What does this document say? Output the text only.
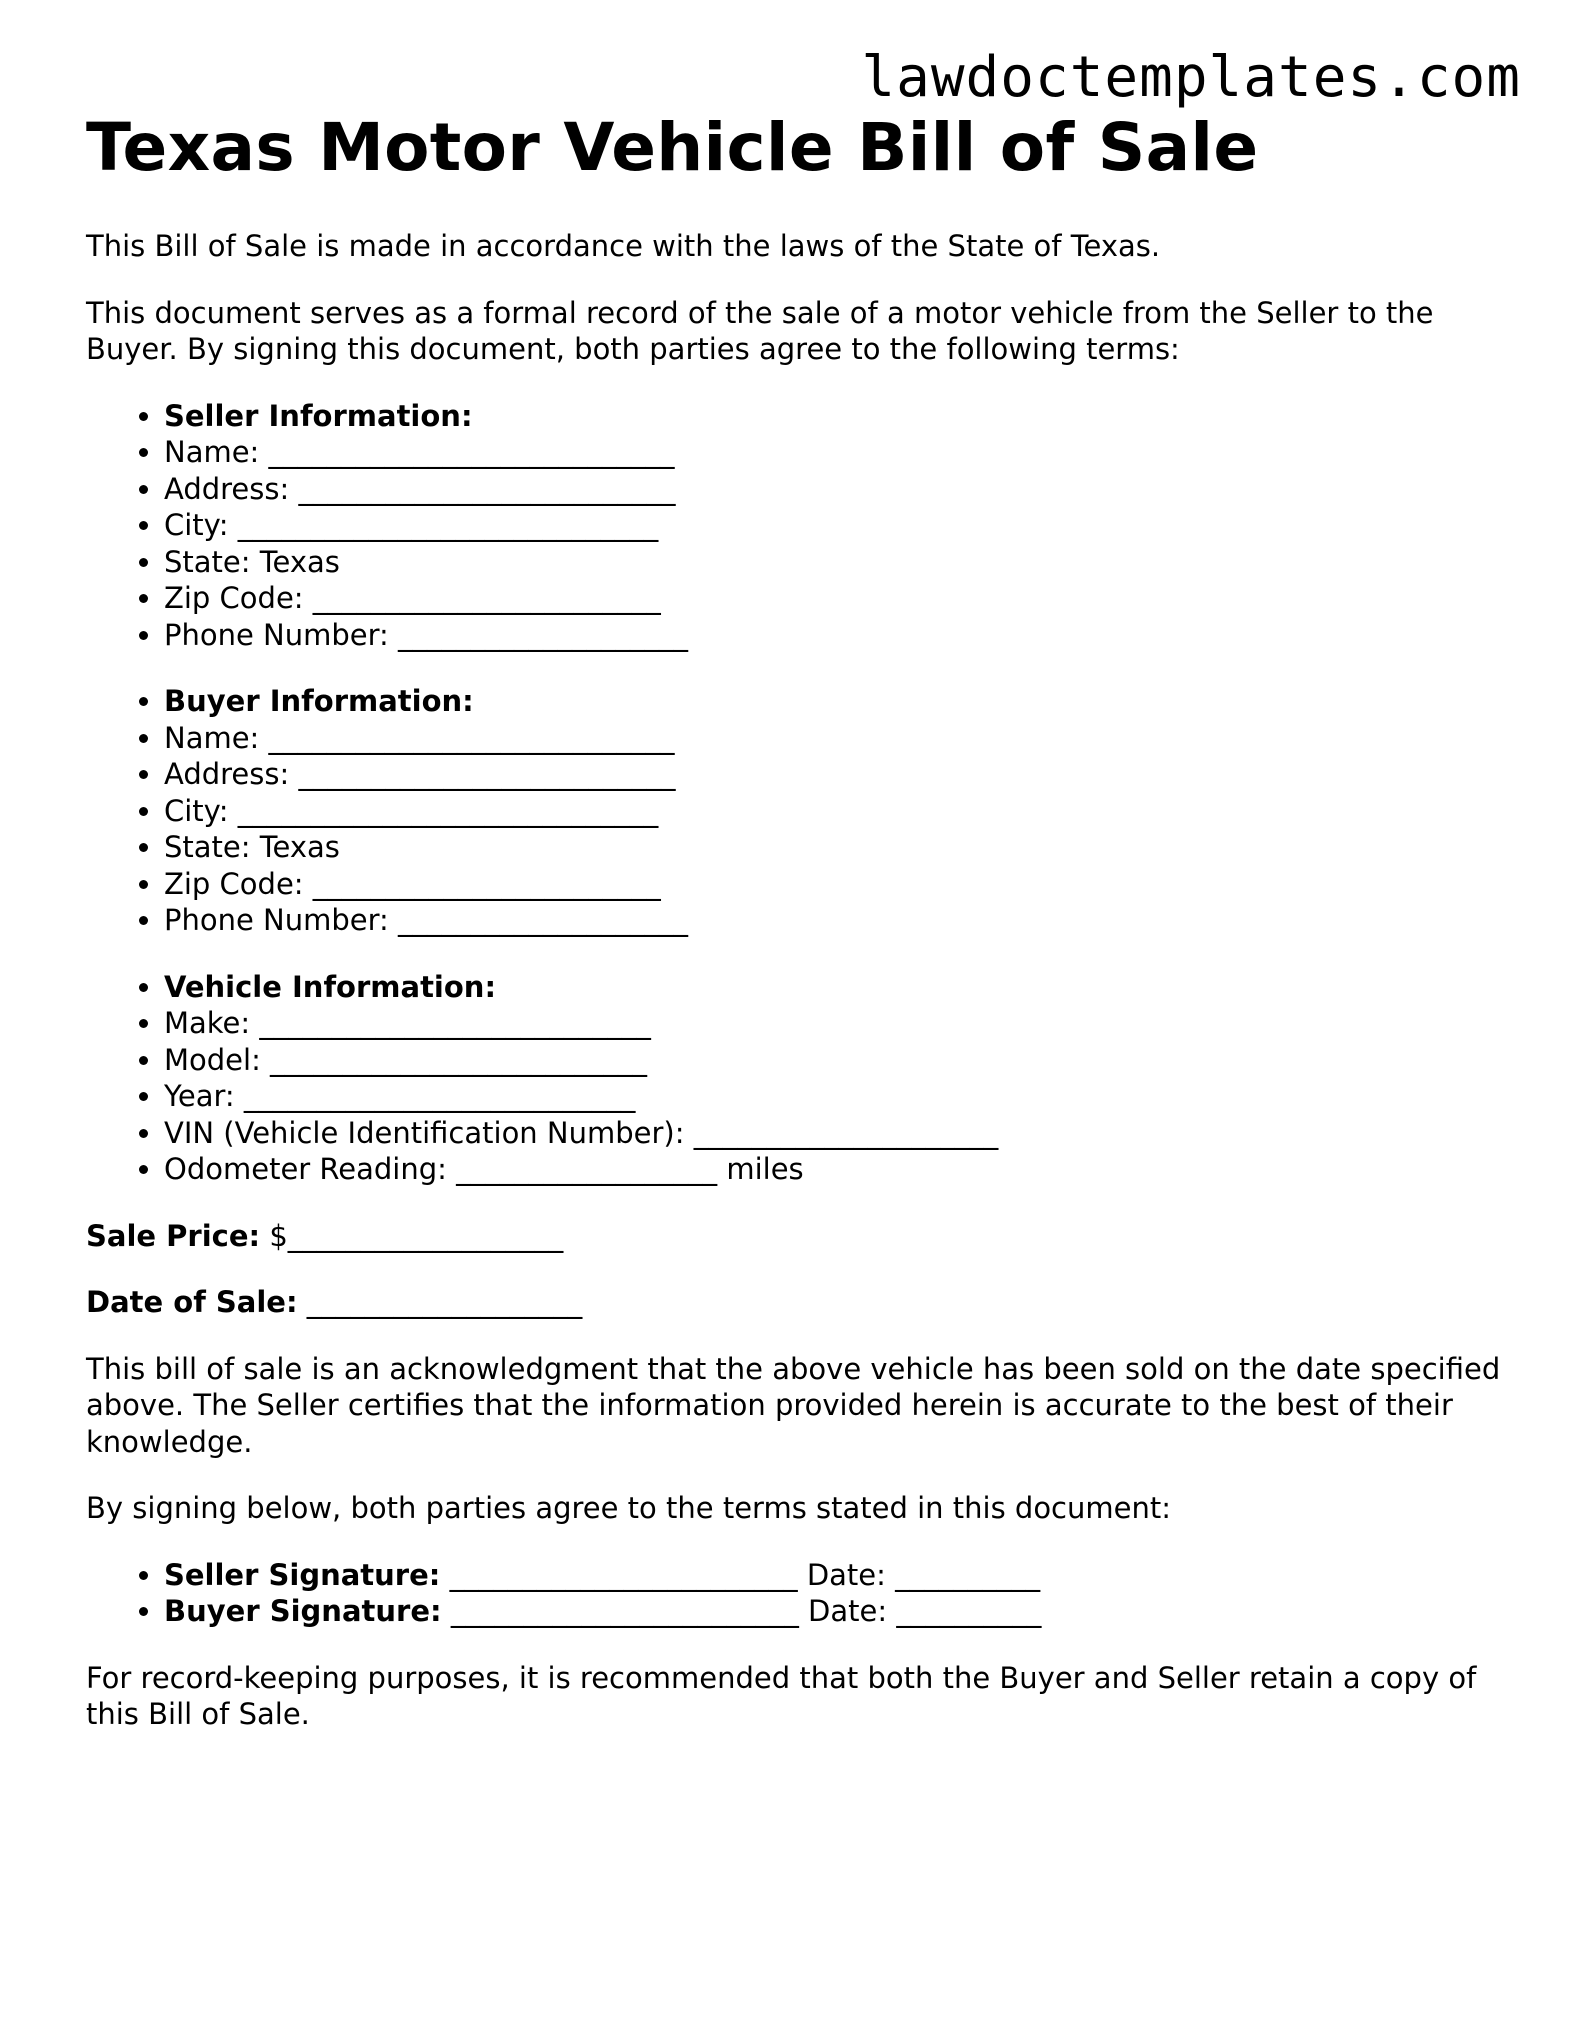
lawdoctemplates.com
Texas Motor Vehicle Bill of Sale

This Bill of Sale is made in accordance with the laws of the State of Texas.

This document serves as a formal record of the sale of a motor vehicle from the Seller to the Buyer. By signing this document, both parties agree to the following terms:

• Seller Information:
• Name: ____________________________
• Address: __________________________
• City: _____________________________
• State: Texas
• Zip Code: ________________________
• Phone Number: ____________________
• Buyer Information:
• Name: ____________________________
• Address: __________________________
• City: _____________________________
• State: Texas
• Zip Code: ________________________
• Phone Number: ____________________
• Vehicle Information:
• Make: ___________________________
• Model: __________________________
• Year: ___________________________
• VIN (Vehicle Identification Number): _____________________
• Odometer Reading: __________________ miles

Sale Price: $___________________

Date of Sale: ___________________

This bill of sale is an acknowledgment that the above vehicle has been sold on the date specified above. The Seller certifies that the information provided herein is accurate to the best of their knowledge.

By signing below, both parties agree to the terms stated in this document:

• Seller Signature: ________________________ Date: __________
• Buyer Signature: ________________________ Date: __________

For record-keeping purposes, it is recommended that both the Buyer and Seller retain a copy of this Bill of Sale.
